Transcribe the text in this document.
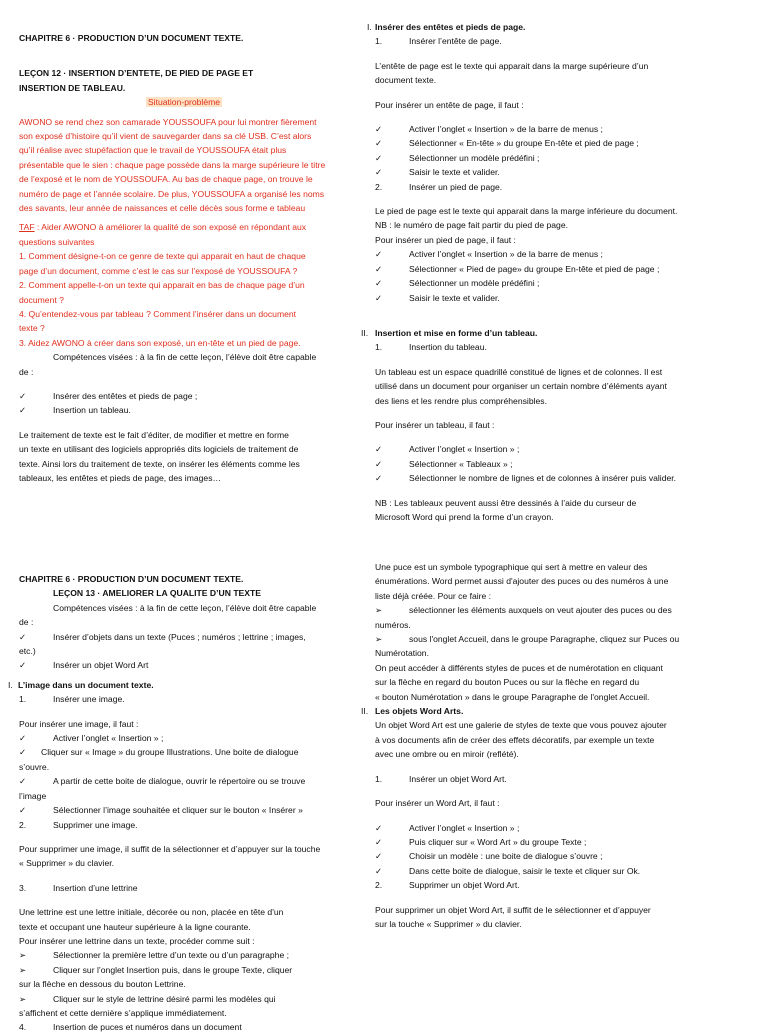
CHAPITRE 6 · PRODUCTION D’UN DOCUMENT TEXTE.

LEÇON 12 · INSERTION D’ENTETE, DE PIED DE PAGE ET

INSERTION DE TABLEAU.

Situation-problème

AWONO se rend chez son camarade YOUSSOUFA pour lui montrer fièrement

son exposé d’histoire qu’il vient de sauvegarder dans sa clé USB. C’est alors

qu’il réalise avec stupéfaction que le travail de YOUSSOUFA était plus

présentable que le sien : chaque page possède dans la marge supérieure le titre

de l’exposé et le nom de YOUSSOUFA. Au bas de chaque page, on trouve le

numéro de page et l’année scolaire. De plus, YOUSSOUFA a organisé les noms

des savants, leur année de naissances et celle décès sous forme e tableau

TAF : Aider AWONO à améliorer la qualité de son exposé en répondant aux

questions suivantes

1. Comment désigne-t-on ce genre de texte qui apparait en haut de chaque

page d’un document, comme c’est le cas sur l’exposé de YOUSSOUFA ?

2. Comment appelle-t-on un texte qui apparait en bas de chaque page d’un

document ?

4. Qu’entendez-vous par tableau ? Comment l’insérer dans un document

texte ?

3. Aidez AWONO à créer dans son exposé, un en-tête et un pied de page.

Compétences visées : à la fin de cette leçon, l’élève doit être capable

de :

✓	Insérer des entêtes et pieds de page ;
✓	Insertion un tableau.

Le traitement de texte est le fait d’éditer, de modifier et mettre en forme

un texte en utilisant des logiciels appropriés dits logiciels de traitement de

texte. Ainsi lors du traitement de texte, on insérer les éléments comme les

tableaux, les entêtes et pieds de page, des images…

I. Insérer des entêtes et pieds de page.
1.	Insérer l’entête de page.

L’entête de page est le texte qui apparait dans la marge supérieure d’un

document texte.

Pour insérer un entête de page, il faut :

✓	Activer l’onglet « Insertion » de la barre de menus ;
✓	Sélectionner « En-tête » du groupe En-tête et pied de page ;
✓	Sélectionner un modèle prédéfini ;
✓	Saisir le texte et valider.
2.	Insérer un pied de page.

Le pied de page est le texte qui apparait dans la marge inférieure du document.

NB : le numéro de page fait partir du pied de page.

Pour insérer un pied de page, il faut :

✓	Activer l’onglet « Insertion » de la barre de menus ;
✓	Sélectionner « Pied de page» du groupe En-tête et pied de page ;
✓	Sélectionner un modèle prédéfini ;
✓	Saisir le texte et valider.
II. Insertion et mise en forme d’un tableau.
1.	Insertion du tableau.

Un tableau est un espace quadrillé constitué de lignes et de colonnes. Il est

utilisé dans un document pour organiser un certain nombre d’éléments ayant

des liens et les rendre plus compréhensibles.

Pour insérer un tableau, il faut :

✓	Activer l’onglet « Insertion » ;
✓	Sélectionner « Tableaux » ;
✓	Sélectionner le nombre de lignes et de colonnes à insérer puis valider.

NB : Les tableaux peuvent aussi être dessinés à l’aide du curseur de

Microsoft Word qui prend la forme d’un crayon.

CHAPITRE 6 · PRODUCTION D’UN DOCUMENT TEXTE.

LEÇON 13 · AMELIORER LA QUALITE D’UN TEXTE

Compétences visées : à la fin de cette leçon, l’élève doit être capable

de :

✓	Insérer d’objets dans un texte (Puces ; numéros ; lettrine ; images,

etc.)

✓	Insérer un objet Word Art
I. L’image dans un document texte.
1.	Insérer une image.

Pour insérer une image, il faut :

✓	Activer l’onglet « Insertion » ;
✓	Cliquer sur « Image » du groupe Illustrations. Une boite de dialogue

s’ouvre.

✓	A partir de cette boite de dialogue, ouvrir le répertoire ou se trouve

l’image

✓	Sélectionner l’image souhaitée et cliquer sur le bouton « Insérer »
2.	Supprimer une image.

Pour supprimer une image, il suffit de la sélectionner et d’appuyer sur la touche

« Supprimer » du clavier.

3.	Insertion d’une lettrine

Une lettrine est une lettre initiale, décorée ou non, placée en tête d'un

texte et occupant une hauteur supérieure à la ligne courante.

Pour insérer une lettrine dans un texte, procéder comme suit :

➢	Sélectionner la première lettre d’un texte ou d’un paragraphe ;
➢	Cliquer sur l’onglet Insertion puis, dans le groupe Texte, cliquer

sur la flèche en dessous du bouton Lettrine.

➢	Cliquer sur le style de lettrine désiré parmi les modèles qui

s’affichent et cette dernière s’applique immédiatement.

4.	Insertion de puces et numéros dans un document

Une puce est un symbole typographique qui sert à mettre en valeur des

énumérations. Word permet aussi d'ajouter des puces ou des numéros à une

liste déjà créée. Pour ce faire :

➢	sélectionner les éléments auxquels on veut ajouter des puces ou des

numéros.

➢	sous l'onglet Accueil, dans le groupe Paragraphe, cliquez sur Puces ou

Numérotation.

On peut accéder à différents styles de puces et de numérotation en cliquant

sur la flèche en regard du bouton Puces ou sur la flèche en regard du

« bouton Numérotation » dans le groupe Paragraphe de l'onglet Accueil.

II. Les objets Word Arts.

Un objet Word Art est une galerie de styles de texte que vous pouvez ajouter

à vos documents afin de créer des effets décoratifs, par exemple un texte

avec une ombre ou en miroir (reflété).

1.	Insérer un objet Word Art.

Pour insérer un Word Art, il faut :

✓	Activer l’onglet « Insertion » ;
✓	Puis cliquer sur « Word Art » du groupe Texte ;
✓	Choisir un modèle : une boite de dialogue s’ouvre ;
✓	Dans cette boite de dialogue, saisir le texte et cliquer sur Ok.
2.	Supprimer un objet Word Art.

Pour supprimer un objet Word Art, il suffit de le sélectionner et d’appuyer

sur la touche « Supprimer » du clavier.
